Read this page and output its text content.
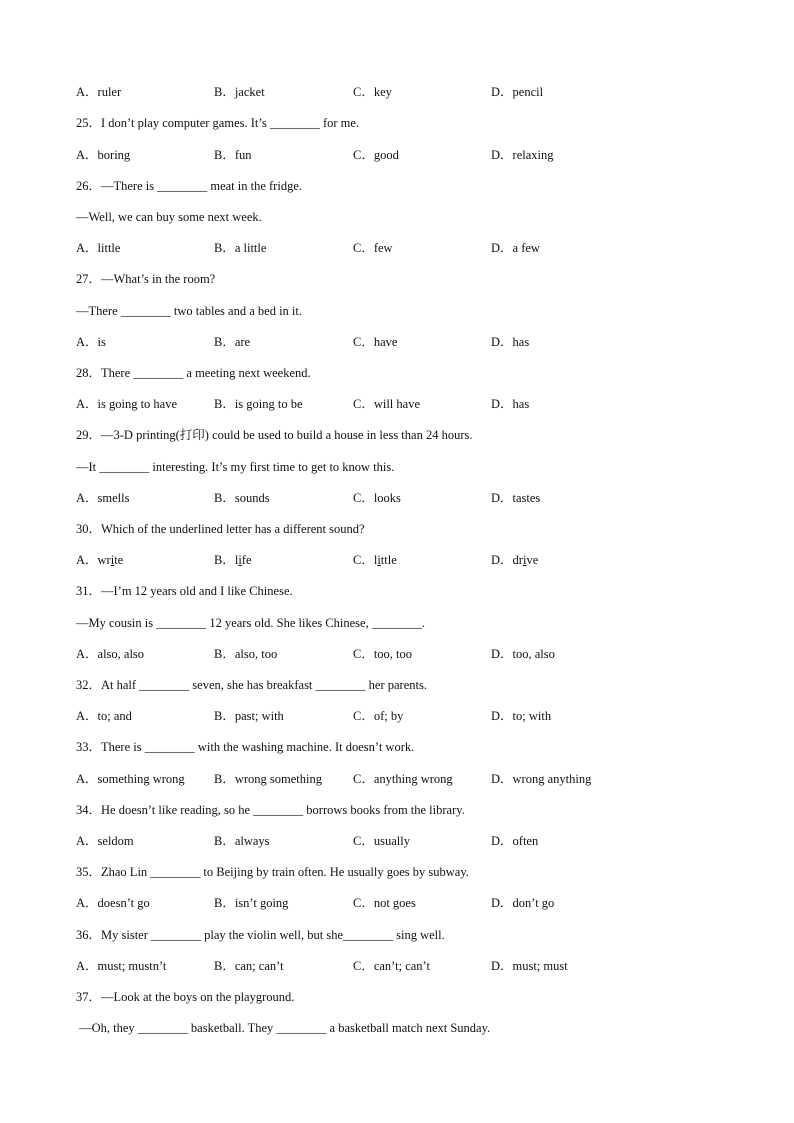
A．ruler	B．jacket	C．key	D．pencil
25．I don’t play computer games. It’s ________ for me.
A．boring	B．fun	C．good	D．relaxing
26．—There is ________ meat in the fridge.
—Well, we can buy some next week.
A．little	B．a little	C．few	D．a few
27．—What’s in the room?
—There ________ two tables and a bed in it.
A．is	B．are	C．have	D．has
28．There ________ a meeting next weekend.
A．is going to have	B．is going to be	C．will have	D．has
29．—3-D printing(打印) could be used to build a house in less than 24 hours.
—It ________ interesting. It’s my first time to get to know this.
A．smells	B．sounds	C．looks	D．tastes
30．Which of the underlined letter has a different sound?
A．write	B．life	C．little	D．drive
31．—I’m 12 years old and I like Chinese.
—My cousin is ________ 12 years old. She likes Chinese, ________.
A．also, also	B．also, too	C．too, too	D．too, also
32．At half ________ seven, she has breakfast ________ her parents.
A．to; and	B．past; with	C．of; by	D．to; with
33．There is ________ with the washing machine. It doesn’t work.
A．something wrong B．wrong something C．anything wrong	D．wrong anything
34．He doesn’t like reading, so he ________ borrows books from the library.
A．seldom	B．always	C．usually	D．often
35．Zhao Lin ________ to Beijing by train often. He usually goes by subway.
A．doesn’t go	B．isn’t going	C．not goes	D．don’t go
36．My sister ________ play the violin well, but she________ sing well.
A．must; mustn’t	B．can; can’t	C．can’t; can’t	D．must; must
37．—Look at the boys on the playground.
—Oh, they ________ basketball. They ________ a basketball match next Sunday.
